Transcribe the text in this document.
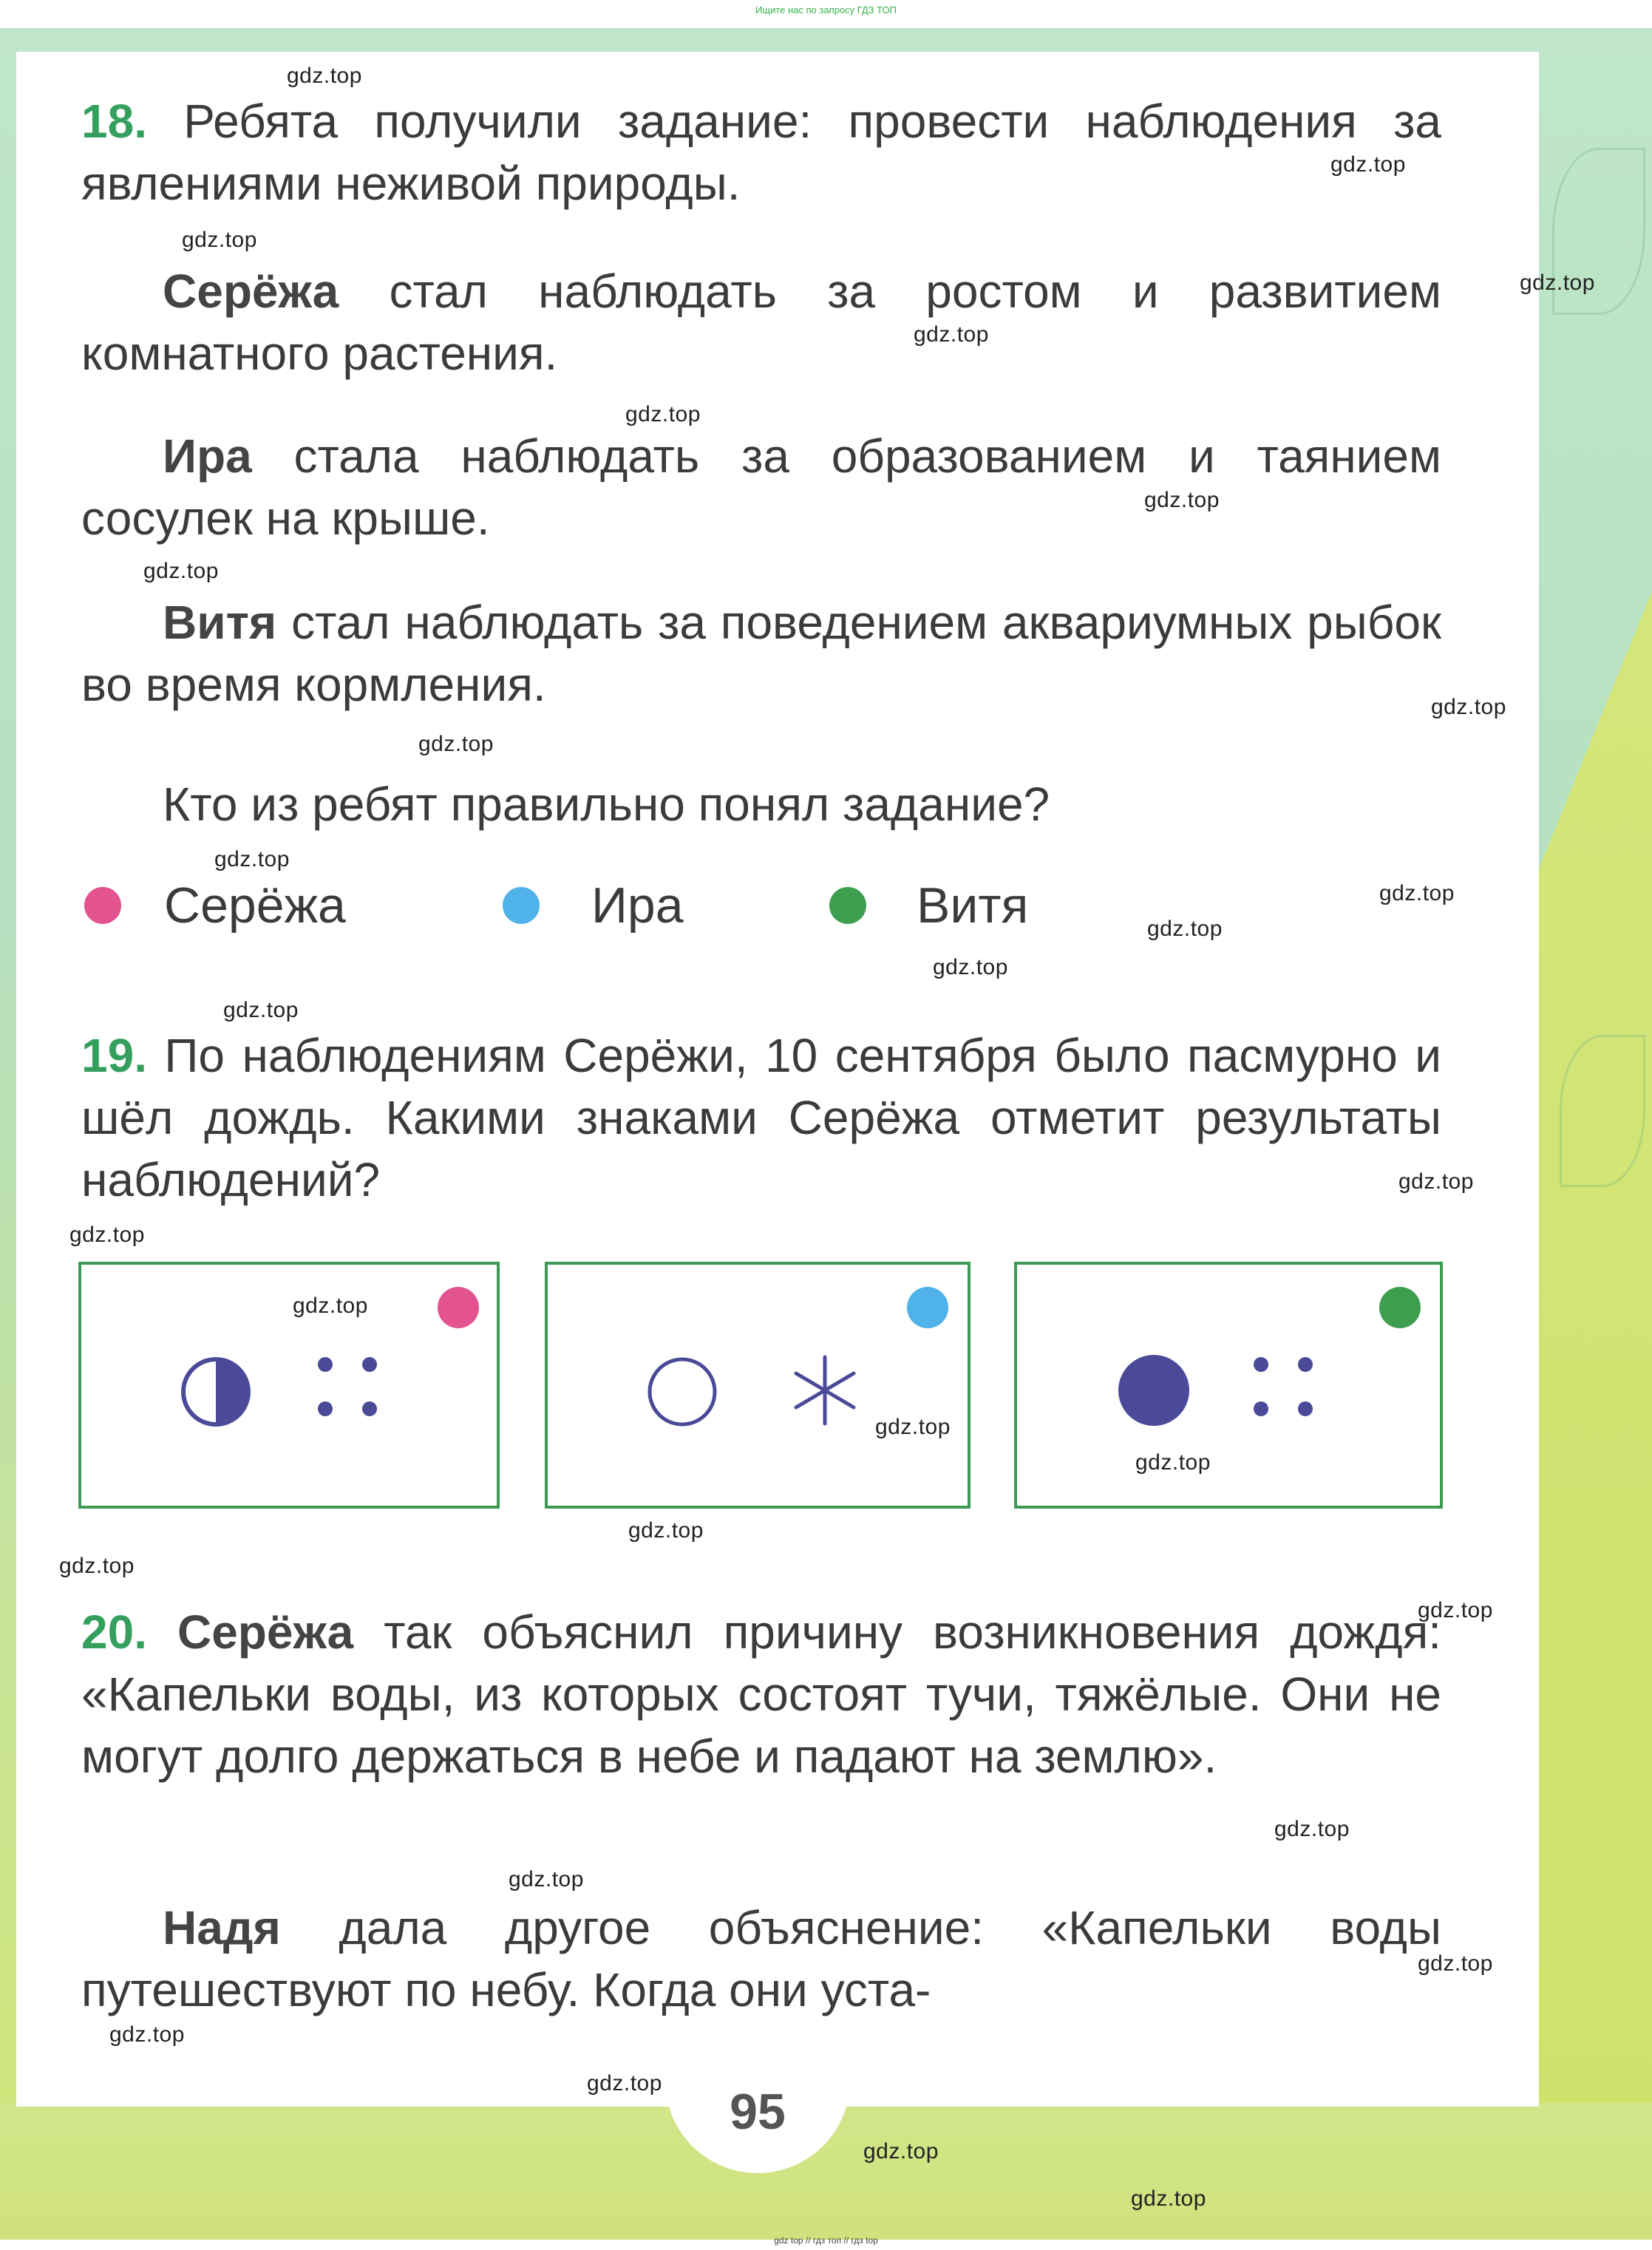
Ищите нас по запросу ГДЗ ТОП
95

18. Ребята получили задание: провести наблюдения за явлениями неживой природы.

Серёжа стал наблюдать за ростом и развитием комнатного растения.

Ира стала наблюдать за образованием и таянием сосулек на крыше.

Витя стал наблюдать за поведением аквариумных рыбок во время кормления.

Кто из ребят правильно понял задание?

Серёжа	Ира	Витя

19. По наблюдениям Серёжи, 10 сентября было пасмурно и шёл дождь. Какими знаками Серёжа отметит результаты наблюдений?

20. Серёжа так объяснил причину возникновения дождя: «Капельки воды, из которых состоят тучи, тяжёлые. Они не могут долго держаться в небе и падают на землю».

Надя дала другое объяснение: «Капельки воды путешествуют по небу. Когда они уста-

gdz.top
gdz.top
gdz.top
gdz.top
gdz.top
gdz.top
gdz.top
gdz.top
gdz.top
gdz.top
gdz.top
gdz.top
gdz.top
gdz.top
gdz.top
gdz.top
gdz.top
gdz.top
gdz.top
gdz.top
gdz.top
gdz.top
gdz.top
gdz.top
gdz.top
gdz.top
gdz.top
gdz.top
gdz.top
gdz.top
gdz top // гдз топ // гдз top
